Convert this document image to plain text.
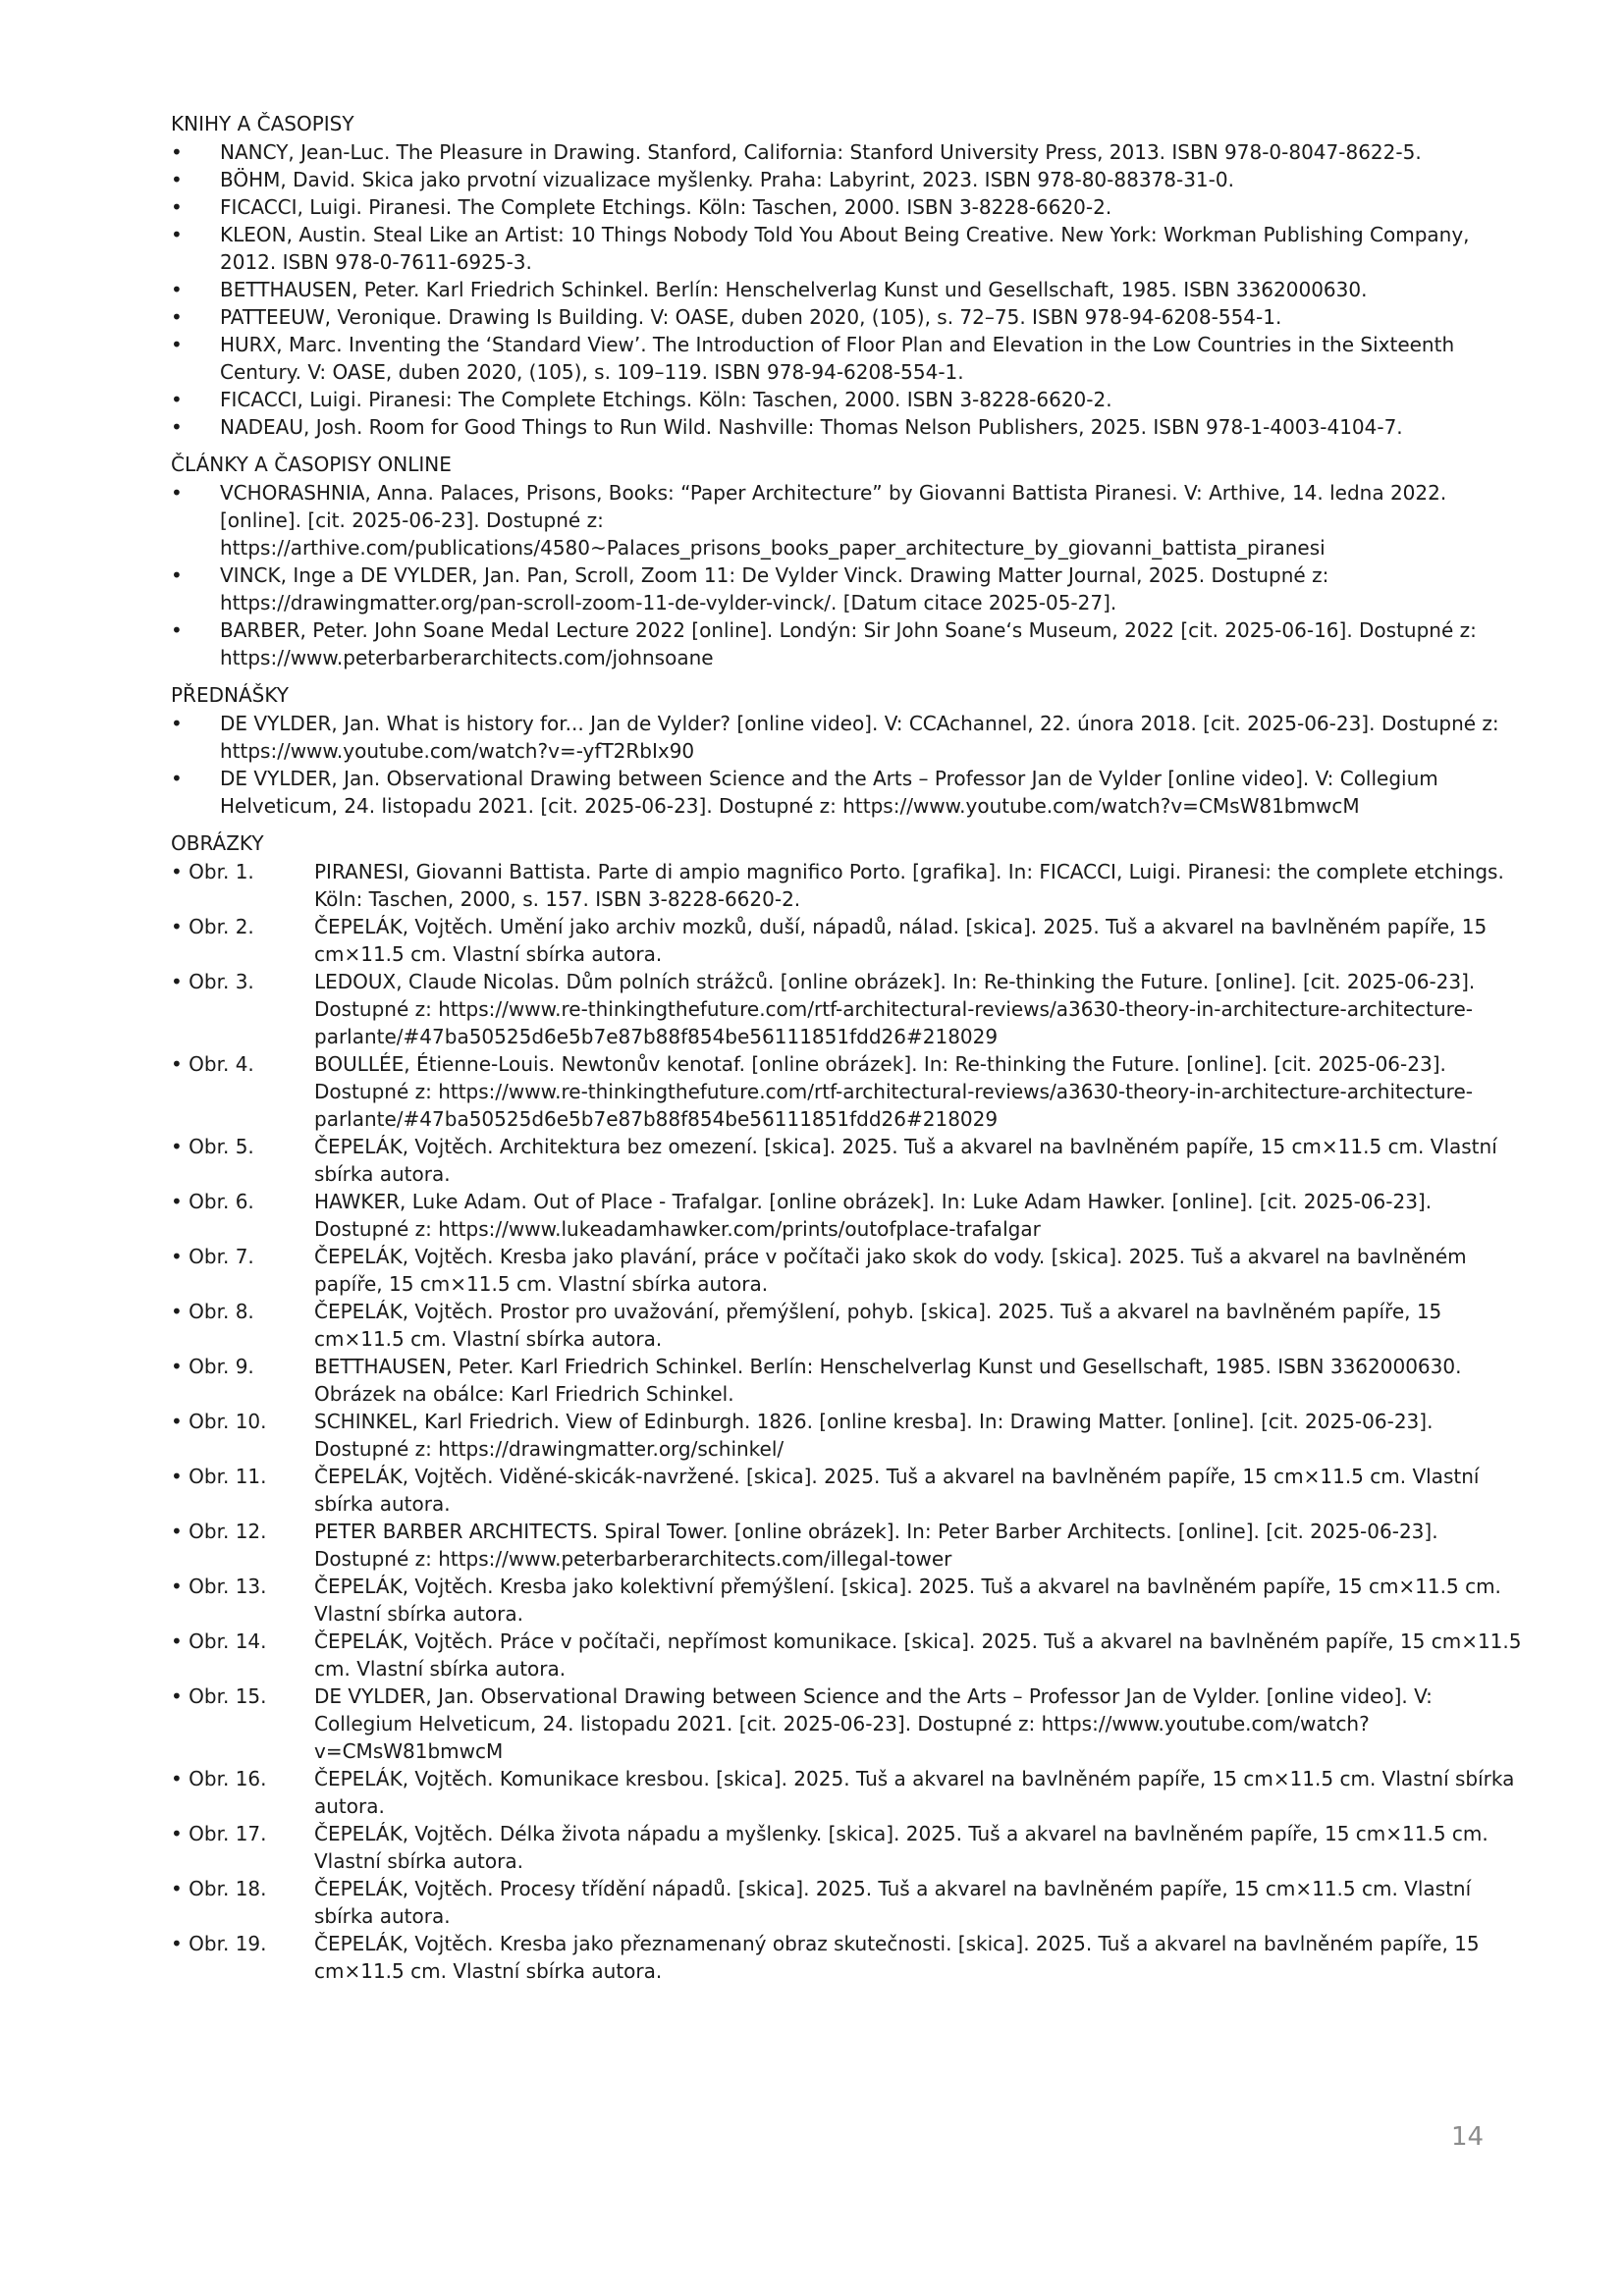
KNIHY A ČASOPISY
• NANCY, Jean-Luc. The Pleasure in Drawing. Stanford, California: Stanford University Press, 2013. ISBN 978-0-8047-8622-5.
• BÖHM, David. Skica jako prvotní vizualizace myšlenky. Praha: Labyrint, 2023. ISBN 978-80-88378-31-0.
• FICACCI, Luigi. Piranesi. The Complete Etchings. Köln: Taschen, 2000. ISBN 3-8228-6620-2.
• KLEON, Austin. Steal Like an Artist: 10 Things Nobody Told You About Being Creative. New York: Workman Publishing Company, 2012. ISBN 978-0-7611-6925-3.
• BETTHAUSEN, Peter. Karl Friedrich Schinkel. Berlín: Henschelverlag Kunst und Gesellschaft, 1985. ISBN 3362000630.
• PATTEEUW, Veronique. Drawing Is Building. V: OASE, duben 2020, (105), s. 72–75. ISBN 978-94-6208-554-1.
• HURX, Marc. Inventing the ‘Standard View’. The Introduction of Floor Plan and Elevation in the Low Countries in the Sixteenth Century. V: OASE, duben 2020, (105), s. 109–119. ISBN 978-94-6208-554-1.
• FICACCI, Luigi. Piranesi: The Complete Etchings. Köln: Taschen, 2000. ISBN 3-8228-6620-2.
• NADEAU, Josh. Room for Good Things to Run Wild. Nashville: Thomas Nelson Publishers, 2025. ISBN 978-1-4003-4104-7.
ČLÁNKY A ČASOPISY ONLINE
• VCHORASHNIA, Anna. Palaces, Prisons, Books: “Paper Architecture” by Giovanni Battista Piranesi. V: Arthive, 14. ledna 2022. [online]. [cit. 2025-06-23]. Dostupné z: https://arthive.com/publications/4580~Palaces_prisons_books_paper_architecture_by_giovanni_battista_piranesi
• VINCK, Inge a DE VYLDER, Jan. Pan, Scroll, Zoom 11: De Vylder Vinck. Drawing Matter Journal, 2025. Dostupné z: https://drawingmatter.org/pan-scroll-zoom-11-de-vylder-vinck/. [Datum citace 2025-05-27].
• BARBER, Peter. John Soane Medal Lecture 2022 [online]. Londýn: Sir John Soane‘s Museum, 2022 [cit. 2025-06-16]. Dostupné z: https://www.peterbarberarchitects.com/johnsoane
PŘEDNÁŠKY
• DE VYLDER, Jan. What is history for... Jan de Vylder? [online video]. V: CCAchannel, 22. února 2018. [cit. 2025-06-23]. Dostupné z: https://www.youtube.com/watch?v=-yfT2RbIx90
• DE VYLDER, Jan. Observational Drawing between Science and the Arts – Professor Jan de Vylder [online video]. V: Collegium Helveticum, 24. listopadu 2021. [cit. 2025-06-23]. Dostupné z: https://www.youtube.com/watch?v=CMsW81bmwcM
OBRÁZKY
• Obr. 1.	PIRANESI, Giovanni Battista. Parte di ampio magnifico Porto. [grafika]. In: FICACCI, Luigi. Piranesi: the complete etchings. Köln: Taschen, 2000, s. 157. ISBN 3-8228-6620-2.
• Obr. 2.	ČEPELÁK, Vojtěch. Umění jako archiv mozků, duší, nápadů, nálad. [skica]. 2025. Tuš a akvarel na bavlněném papíře, 15 cm×11.5 cm. Vlastní sbírka autora.
• Obr. 3.	LEDOUX, Claude Nicolas. Dům polních strážců. [online obrázek]. In: Re-thinking the Future. [online]. [cit. 2025-06-23]. Dostupné z: https://www.re-thinkingthefuture.com/rtf-architectural-reviews/a3630-theory-in-architecture-architecture-parlante/#47ba50525d6e5b7e87b88f854be56111851fdd26#218029
• Obr. 4.	BOULLÉE, Étienne-Louis. Newtonův kenotaf. [online obrázek]. In: Re-thinking the Future. [online]. [cit. 2025-06-23]. Dostupné z: https://www.re-thinkingthefuture.com/rtf-architectural-reviews/a3630-theory-in-architecture-architecture-parlante/#47ba50525d6e5b7e87b88f854be56111851fdd26#218029
• Obr. 5.	ČEPELÁK, Vojtěch. Architektura bez omezení. [skica]. 2025. Tuš a akvarel na bavlněném papíře, 15 cm×11.5 cm. Vlastní sbírka autora.
• Obr. 6.	HAWKER, Luke Adam. Out of Place - Trafalgar. [online obrázek]. In: Luke Adam Hawker. [online]. [cit. 2025-06-23]. Dostupné z: https://www.lukeadamhawker.com/prints/outofplace-trafalgar
• Obr. 7.	ČEPELÁK, Vojtěch. Kresba jako plavání, práce v počítači jako skok do vody. [skica]. 2025. Tuš a akvarel na bavlněném papíře, 15 cm×11.5 cm. Vlastní sbírka autora.
• Obr. 8.	ČEPELÁK, Vojtěch. Prostor pro uvažování, přemýšlení, pohyb. [skica]. 2025. Tuš a akvarel na bavlněném papíře, 15 cm×11.5 cm. Vlastní sbírka autora.
• Obr. 9.	BETTHAUSEN, Peter. Karl Friedrich Schinkel. Berlín: Henschelverlag Kunst und Gesellschaft, 1985. ISBN 3362000630. Obrázek na obálce: Karl Friedrich Schinkel.
• Obr. 10. SCHINKEL, Karl Friedrich. View of Edinburgh. 1826. [online kresba]. In: Drawing Matter. [online]. [cit. 2025-06-23]. Dostupné z: https://drawingmatter.org/schinkel/
• Obr. 11. ČEPELÁK, Vojtěch. Viděné-skicák-navržené. [skica]. 2025. Tuš a akvarel na bavlněném papíře, 15 cm×11.5 cm. Vlastní sbírka autora.
• Obr. 12. PETER BARBER ARCHITECTS. Spiral Tower. [online obrázek]. In: Peter Barber Architects. [online]. [cit. 2025-06-23]. Dostupné z: https://www.peterbarberarchitects.com/illegal-tower
• Obr. 13. ČEPELÁK, Vojtěch. Kresba jako kolektivní přemýšlení. [skica]. 2025. Tuš a akvarel na bavlněném papíře, 15 cm×11.5 cm. Vlastní sbírka autora.
• Obr. 14. ČEPELÁK, Vojtěch. Práce v počítači, nepřímost komunikace. [skica]. 2025. Tuš a akvarel na bavlněném papíře, 15 cm×11.5 cm. Vlastní sbírka autora.
• Obr. 15. DE VYLDER, Jan. Observational Drawing between Science and the Arts – Professor Jan de Vylder. [online video]. V: Collegium Helveticum, 24. listopadu 2021. [cit. 2025-06-23]. Dostupné z: https://www.youtube.com/watch?v=CMsW81bmwcM
• Obr. 16. ČEPELÁK, Vojtěch. Komunikace kresbou. [skica]. 2025. Tuš a akvarel na bavlněném papíře, 15 cm×11.5 cm. Vlastní sbírka autora.
• Obr. 17. ČEPELÁK, Vojtěch. Délka života nápadu a myšlenky. [skica]. 2025. Tuš a akvarel na bavlněném papíře, 15 cm×11.5 cm. Vlastní sbírka autora.
• Obr. 18. ČEPELÁK, Vojtěch. Procesy třídění nápadů. [skica]. 2025. Tuš a akvarel na bavlněném papíře, 15 cm×11.5 cm. Vlastní sbírka autora.
• Obr. 19. ČEPELÁK, Vojtěch. Kresba jako přeznamenaný obraz skutečnosti. [skica]. 2025. Tuš a akvarel na bavlněném papíře, 15 cm×11.5 cm. Vlastní sbírka autora.
14
